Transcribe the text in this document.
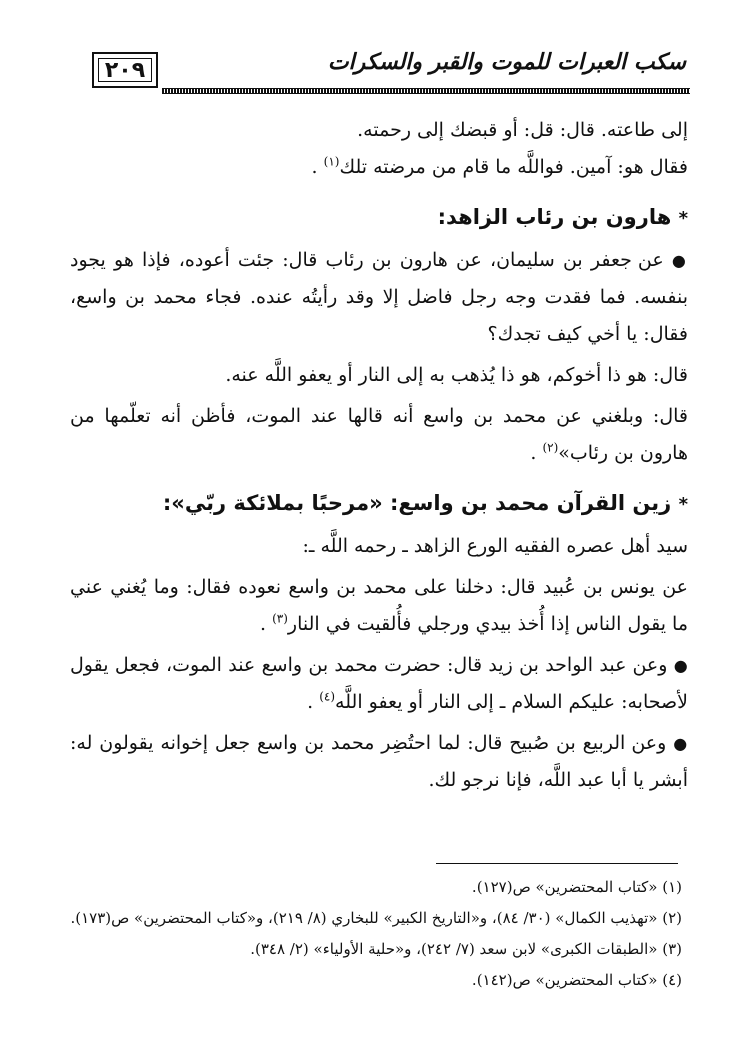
٢٠٩	سكب العبرات للموت والقبر والسكرات

إلى طاعته. قال: قل: أو قبضك إلى رحمته.

فقال هو: آمين. فواللَّه ما قام من مرضته تلك$^{(١)}$ .

* هارون بن رئاب الزاهد:

● عن جعفر بن سليمان، عن هارون بن رئاب قال: جئت أعوده، فإذا هو يجود بنفسه. فما فقدت وجه رجل فاضل إلا وقد رأيتُه عنده. فجاء محمد بن واسع، فقال: يا أخي كيف تجدك؟

قال: هو ذا أخوكم، هو ذا يُذهب به إلى النار أو يعفو اللَّه عنه.

قال: وبلغني عن محمد بن واسع أنه قالها عند الموت، فأظن أنه تعلّمها من هارون بن رئاب»$^{(٢)}$ .

* زين القرآن محمد بن واسع: «مرحبًا بملائكة ربّي»:

سيد أهل عصره الفقيه الورع الزاهد ـ رحمه اللَّه ـ:

عن يونس بن عُبيد قال: دخلنا على محمد بن واسع نعوده فقال: وما يُغني عني ما يقول الناس إذا أُخذ بيدي ورجلي فأُلقيت في النار$^{(٣)}$ .

● وعن عبد الواحد بن زيد قال: حضرت محمد بن واسع عند الموت، فجعل يقول لأصحابه: عليكم السلام ـ إلى النار أو يعفو اللَّه$^{(٤)}$ .

● وعن الربيع بن صُبيح قال: لما احتُضِر محمد بن واسع جعل إخوانه يقولون له: أبشر يا أبا عبد اللَّه، فإنا نرجو لك.

(١) «كتاب المحتضرين» ص(١٢٧).

(٢) «تهذيب الكمال» (٣٠/ ٨٤)، و«التاريخ الكبير» للبخاري (٨/ ٢١٩)، و«كتاب المحتضرين» ص(١٧٣).

(٣) «الطبقات الكبرى» لابن سعد (٧/ ٢٤٢)، و«حلية الأولياء» (٢/ ٣٤٨).

(٤) «كتاب المحتضرين» ص(١٤٢).
